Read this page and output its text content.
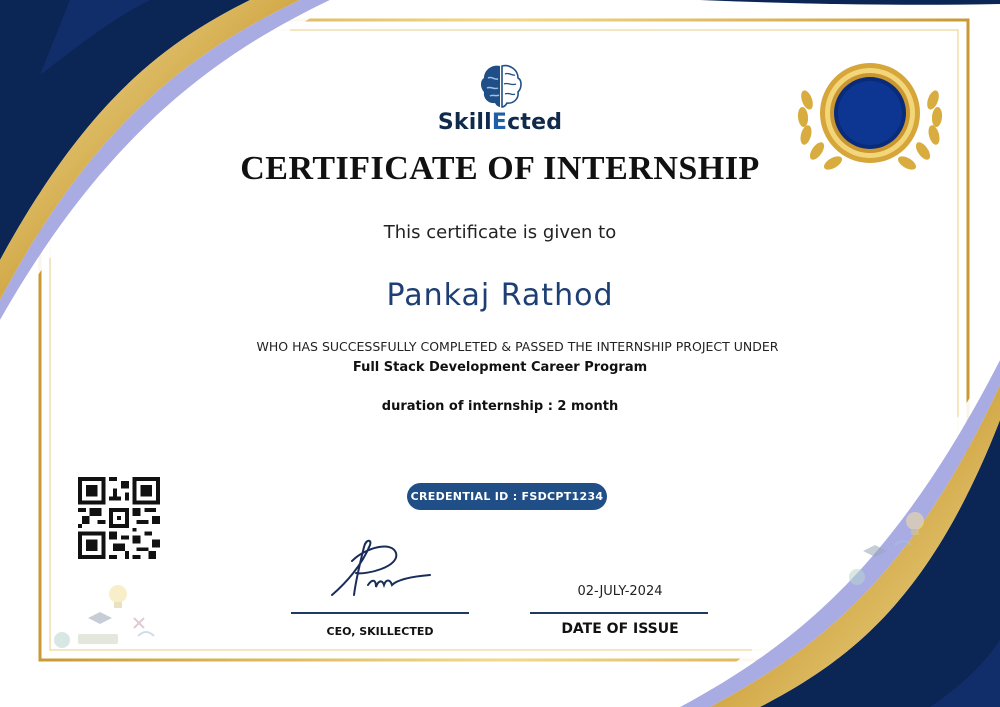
SkillEcted
CERTIFICATE OF INTERNSHIP
This certificate is given to
Pankaj Rathod
WHO HAS SUCCESSFULLY COMPLETED & PASSED THE INTERNSHIP PROJECT UNDER
Full Stack Development Career Program
duration of internship : 2 month
CREDENTIAL ID : FSDCPT1234
CEO, SKILLECTED
02-JULY-2024
DATE OF ISSUE
